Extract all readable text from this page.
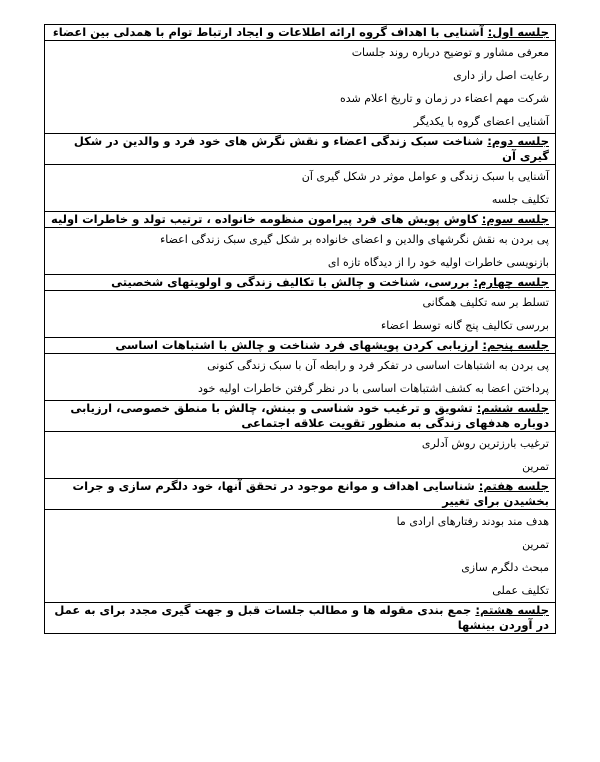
جلسه اول: آشنایی با اهداف گروه ارائه اطلاعات و ایجاد ارتباط توام با همدلی بین اعضاء

معرفی مشاور و توضیح درباره روند جلسات
رعایت اصل راز داری
شرکت مهم اعضاء در زمان و تاریخ اعلام شده
آشنایی اعضای گروه با یکدیگر

جلسه دوم: شناخت سبک زندگی اعضاء و نقش نگرش های خود فرد و والدین در شکل گیری آن

آشنایی با سبک زندگی و عوامل موثر در شکل گیری آن
تکلیف جلسه

جلسه سوم: کاوش پویش های فرد پیرامون منظومه خانواده ، ترتیب تولد و خاطرات اولیه

پی بردن به نقش نگرشهای والدین و اعضای خانواده بر شکل گیری سبک زندگی اعضاء
بازنویسی خاطرات اولیه خود را از دیدگاه تازه ای

جلسه چهارم: بررسی، شناخت و چالش با تکالیف زندگی و اولویتهای شخصیتی

تسلط بر سه تکلیف همگانی
بررسی تکالیف پنج گانه توسط اعضاء

جلسه پنجم: ارزیابی کردن پویشهای فرد شناخت و چالش با اشتباهات اساسی

پی بردن به اشتباهات اساسی در تفکر فرد و رابطه آن با سبک زندگی کنونی
پرداختن اعضا به کشف اشتباهات اساسی با در نظر گرفتن خاطرات اولیه خود

جلسه ششم: تشویق و ترغیب خود شناسی و بینش، چالش با منطق خصوصی، ارزیابی دوباره هدفهای زندگی به منظور تقویت علاقه اجتماعی

ترغیب بارزترین روش آدلری
تمرین

جلسه هفتم: شناسایی اهداف و موانع موجود در تحقق آنها، خود دلگرم سازی و جرات بخشیدن برای تغییر

هدف مند بودند رفتارهای ارادی ما
تمرین
مبحث دلگرم سازی
تکلیف عملی

جلسه هشتم: جمع بندی مقوله ها و مطالب جلسات قبل و جهت گیری مجدد برای به عمل در آوردن بینشها
